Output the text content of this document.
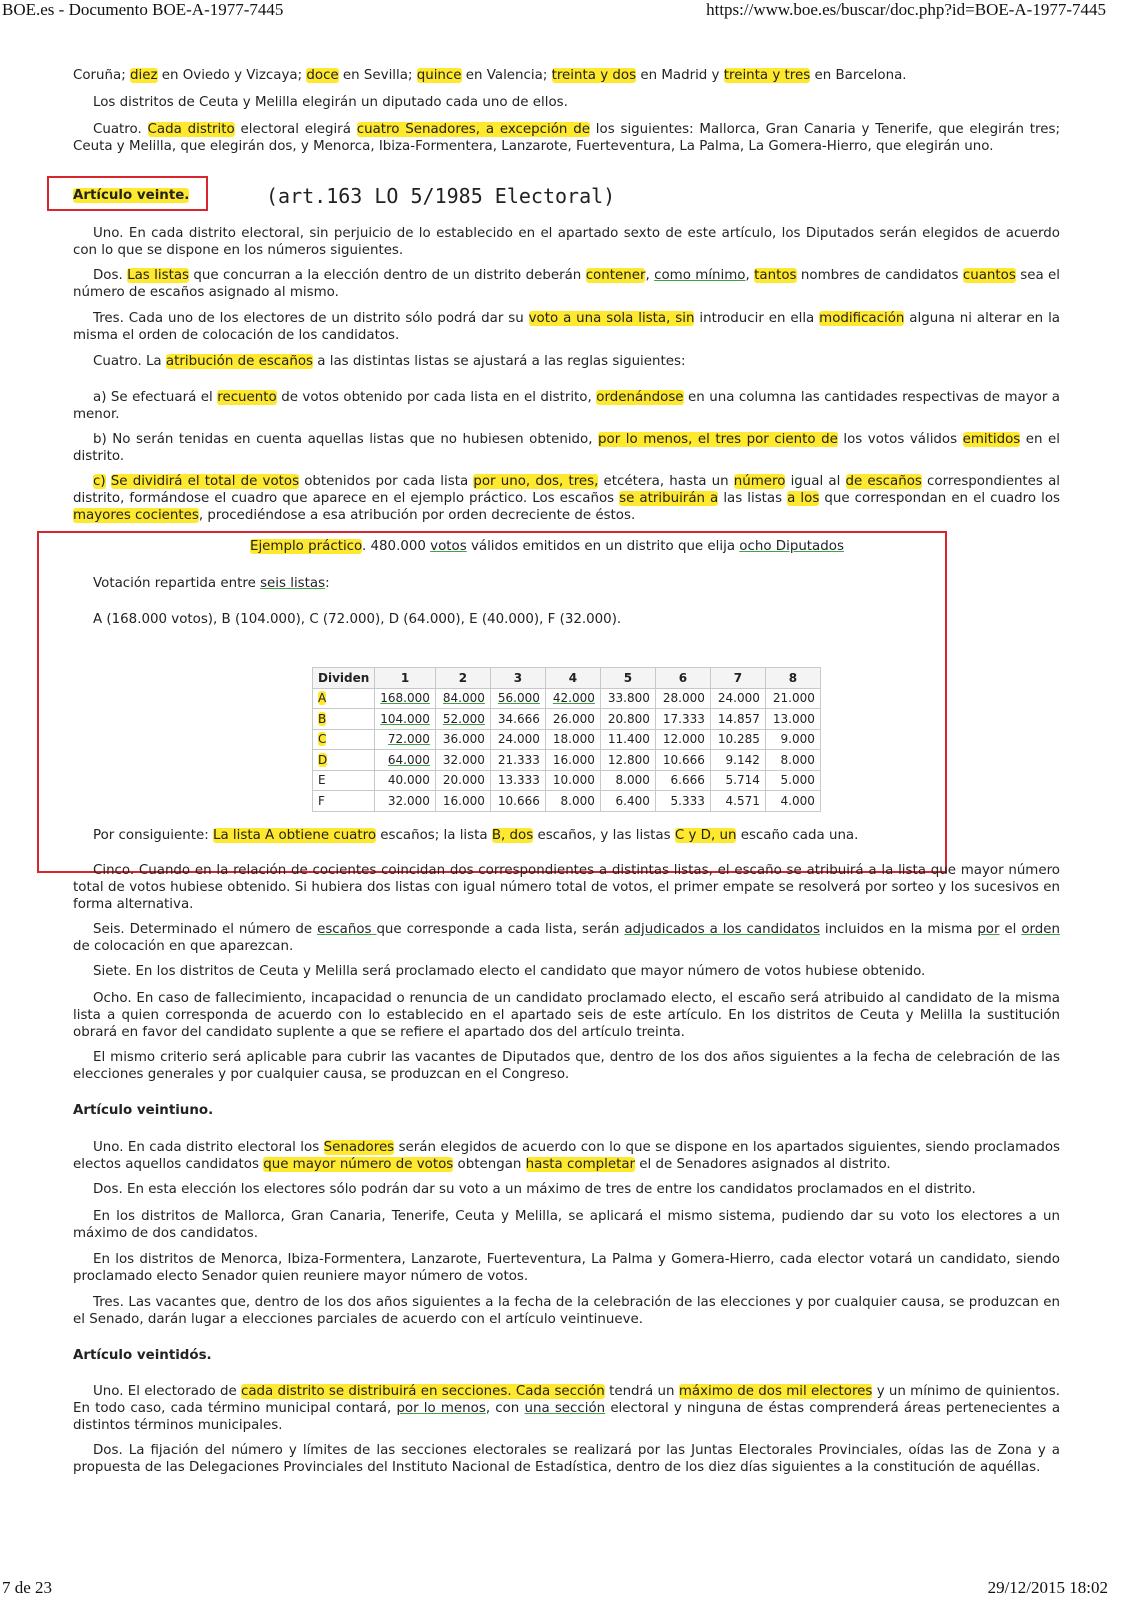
BOE.es - Documento BOE-A-1977-7445	https://www.boe.es/buscar/doc.php?id=BOE-A-1977-7445

Coruña; diez en Oviedo y Vizcaya; doce en Sevilla; quince en Valencia; treinta y dos en Madrid y treinta y tres en Barcelona.

Los distritos de Ceuta y Melilla elegirán un diputado cada uno de ellos.

Cuatro. Cada distrito electoral elegirá cuatro Senadores, a excepción de los siguientes: Mallorca, Gran Canaria y Tenerife, que elegirán tres; Ceuta y Melilla, que elegirán dos, y Menorca, Ibiza-Formentera, Lanzarote, Fuerteventura, La Palma, La Gomera-Hierro, que elegirán uno.

Artículo veinte.	(art.163 LO 5/1985 Electoral)

Uno. En cada distrito electoral, sin perjuicio de lo establecido en el apartado sexto de este artículo, los Diputados serán elegidos de acuerdo con lo que se dispone en los números siguientes.

Dos. Las listas que concurran a la elección dentro de un distrito deberán contener, como mínimo, tantos nombres de candidatos cuantos sea el número de escaños asignado al mismo.

Tres. Cada uno de los electores de un distrito sólo podrá dar su voto a una sola lista, sin introducir en ella modificación alguna ni alterar en la misma el orden de colocación de los candidatos.

Cuatro. La atribución de escaños a las distintas listas se ajustará a las reglas siguientes:

a) Se efectuará el recuento de votos obtenido por cada lista en el distrito, ordenándose en una columna las cantidades respectivas de mayor a menor.

b) No serán tenidas en cuenta aquellas listas que no hubiesen obtenido, por lo menos, el tres por ciento de los votos válidos emitidos en el distrito.

c) Se dividirá el total de votos obtenidos por cada lista por uno, dos, tres, etcétera, hasta un número igual al de escaños correspondientes al distrito, formándose el cuadro que aparece en el ejemplo práctico. Los escaños se atribuirán a las listas a los que correspondan en el cuadro los mayores cocientes, procediéndose a esa atribución por orden decreciente de éstos.

Ejemplo práctico. 480.000 votos válidos emitidos en un distrito que elija ocho Diputados
Votación repartida entre seis listas:
A (168.000 votos), B (104.000), C (72.000), D (64.000), E (40.000), F (32.000).
Dividen	1	2	3	4	5	6	7	8
A	168.000	84.000	56.000	42.000	33.800	28.000	24.000	21.000
B	104.000	52.000	34.666	26.000	20.800	17.333	14.857	13.000
C	72.000	36.000	24.000	18.000	11.400	12.000	10.285	9.000
D	64.000	32.000	21.333	16.000	12.800	10.666	9.142	8.000
E	40.000	20.000	13.333	10.000	8.000	6.666	5.714	5.000
F	32.000	16.000	10.666	8.000	6.400	5.333	4.571	4.000
Por consiguiente: La lista A obtiene cuatro escaños; la lista B, dos escaños, y las listas C y D, un escaño cada una.

Cinco. Cuando en la relación de cocientes coincidan dos correspondientes a distintas listas, el escaño se atribuirá a la lista que mayor número total de votos hubiese obtenido. Si hubiera dos listas con igual número total de votos, el primer empate se resolverá por sorteo y los sucesivos en forma alternativa.

Seis. Determinado el número de escaños que corresponde a cada lista, serán adjudicados a los candidatos incluidos en la misma por el orden de colocación en que aparezcan.

Siete. En los distritos de Ceuta y Melilla será proclamado electo el candidato que mayor número de votos hubiese obtenido.

Ocho. En caso de fallecimiento, incapacidad o renuncia de un candidato proclamado electo, el escaño será atribuido al candidato de la misma lista a quien corresponda de acuerdo con lo establecido en el apartado seis de este artículo. En los distritos de Ceuta y Melilla la sustitución obrará en favor del candidato suplente a que se refiere el apartado dos del artículo treinta.

El mismo criterio será aplicable para cubrir las vacantes de Diputados que, dentro de los dos años siguientes a la fecha de celebración de las elecciones generales y por cualquier causa, se produzcan en el Congreso.

Artículo veintiuno.

Uno. En cada distrito electoral los Senadores serán elegidos de acuerdo con lo que se dispone en los apartados siguientes, siendo proclamados electos aquellos candidatos que mayor número de votos obtengan hasta completar el de Senadores asignados al distrito.

Dos. En esta elección los electores sólo podrán dar su voto a un máximo de tres de entre los candidatos proclamados en el distrito.

En los distritos de Mallorca, Gran Canaria, Tenerife, Ceuta y Melilla, se aplicará el mismo sistema, pudiendo dar su voto los electores a un máximo de dos candidatos.

En los distritos de Menorca, Ibiza-Formentera, Lanzarote, Fuerteventura, La Palma y Gomera-Hierro, cada elector votará un candidato, siendo proclamado electo Senador quien reuniere mayor número de votos.

Tres. Las vacantes que, dentro de los dos años siguientes a la fecha de la celebración de las elecciones y por cualquier causa, se produzcan en el Senado, darán lugar a elecciones parciales de acuerdo con el artículo veintinueve.

Artículo veintidós.

Uno. El electorado de cada distrito se distribuirá en secciones. Cada sección tendrá un máximo de dos mil electores y un mínimo de quinientos. En todo caso, cada término municipal contará, por lo menos, con una sección electoral y ninguna de éstas comprenderá áreas pertenecientes a distintos términos municipales.

Dos. La fijación del número y límites de las secciones electorales se realizará por las Juntas Electorales Provinciales, oídas las de Zona y a propuesta de las Delegaciones Provinciales del Instituto Nacional de Estadística, dentro de los diez días siguientes a la constitución de aquéllas.

7 de 23	29/12/2015 18:02
